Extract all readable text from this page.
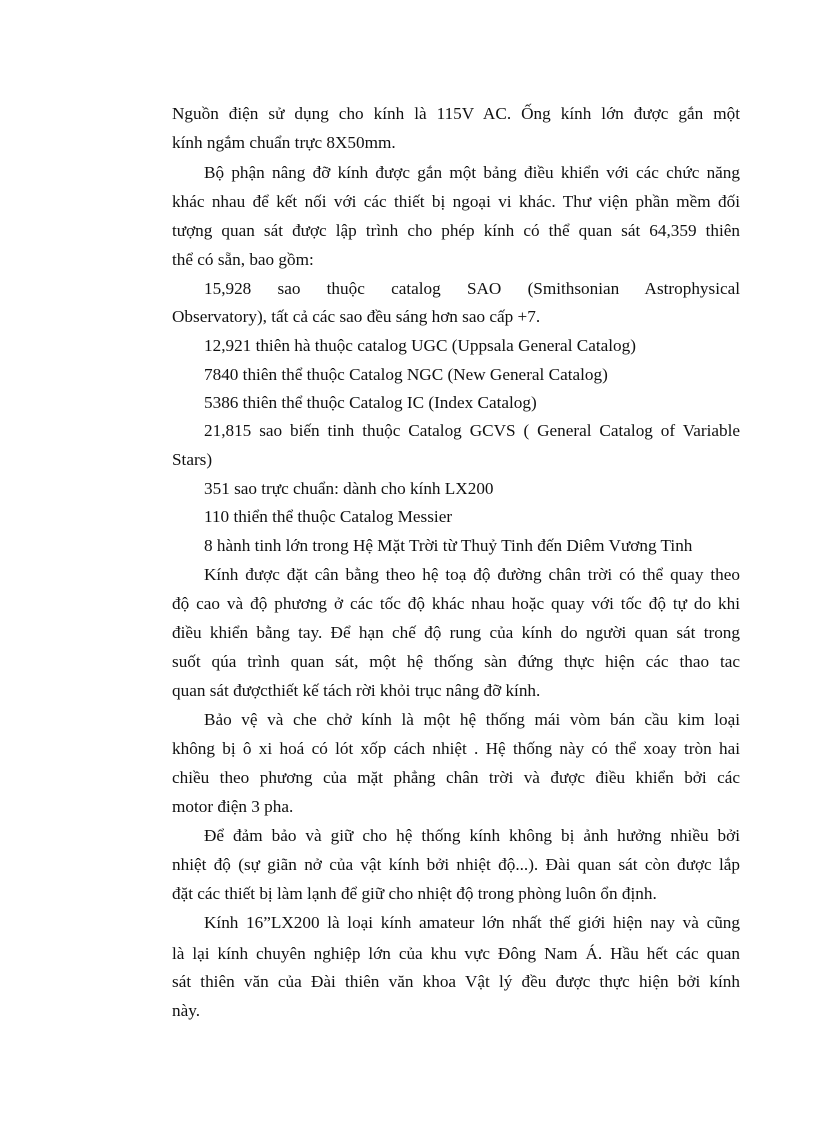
Nguồn điện sử dụng cho kính là 115V AC. Ống kính lớn được gắn một
kính ngắm chuẩn trực 8X50mm.
Bộ phận nâng đỡ kính được gắn một bảng điều khiển với các chức năng
khác nhau để kết nối với các thiết bị ngoại vi khác. Thư viện phần mềm đối
tượng quan sát được lập trình cho phép kính có thể quan sát 64,359 thiên
thể có sẵn, bao gồm:
15,928 sao thuộc catalog SAO (Smithsonian Astrophysical
Observatory), tất cả các sao đều sáng hơn sao cấp +7.
12,921 thiên hà thuộc catalog UGC (Uppsala General Catalog)
7840 thiên thể thuộc Catalog NGC (New General Catalog)
5386 thiên thể thuộc Catalog IC (Index Catalog)
21,815 sao biến tinh thuộc Catalog GCVS ( General Catalog of Variable
Stars)
351 sao trực chuẩn: dành cho kính LX200
110 thiển thể thuộc Catalog Messier
8 hành tinh lớn trong Hệ Mặt Trời từ Thuỷ Tinh đến Diêm Vương Tinh
Kính được đặt cân bằng theo hệ toạ độ đường chân trời có thể quay theo
độ cao và độ phương ở các tốc độ khác nhau hoặc quay với tốc độ tự do khi
điều khiển bằng tay. Để hạn chế độ rung của kính do người quan sát trong
suốt qúa trình quan sát, một hệ thống sàn đứng thực hiện các thao tac
quan sát đượcthiết kế tách rời khỏi trục nâng đỡ kính.
Bảo vệ và che chở kính là một hệ thống mái vòm bán cầu kim loại
không bị ô xi hoá có lót xốp cách nhiệt . Hệ thống này có thể xoay tròn hai
chiều theo phương của mặt phẳng chân trời và được điều khiển bởi các
motor điện 3 pha.
Để đảm bảo và giữ cho hệ thống kính không bị ảnh hưởng nhiều bởi
nhiệt độ (sự giãn nở của vật kính bởi nhiệt độ...). Đài quan sát còn được lắp
đặt các thiết bị làm lạnh để giữ cho nhiệt độ trong phòng luôn ổn định.
Kính 16”LX200 là loại kính amateur lớn nhất thế giới hiện nay và cũng
là lại kính chuyên nghiệp lớn của khu vực Đông Nam Á. Hầu hết các quan
sát thiên văn của Đài thiên văn khoa Vật lý đều được thực hiện bởi kính
này.
